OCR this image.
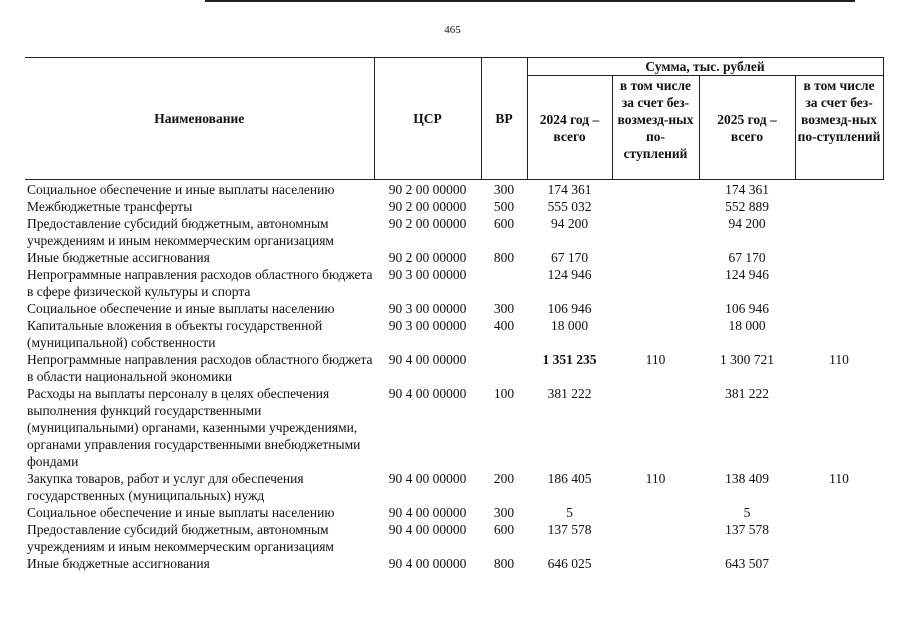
465
Наименование	ЦСР	ВР	Сумма, тыс. рублей			
			2024 год – всего	в том числе за счет без-возмезд-ных по-ступлений	2025 год – всего	в том числе за счет без-возмезд-ных по-ступлений
Социальное обеспечение и иные выплаты населению	90 2 00 00000	300	174 361		174 361	
Межбюджетные трансферты	90 2 00 00000	500	555 032		552 889	
Предоставление субсидий бюджетным, автономным учреждениям и иным некоммерческим организациям	90 2 00 00000	600	94 200		94 200	
Иные бюджетные ассигнования	90 2 00 00000	800	67 170		67 170	
Непрограммные направления расходов областного бюджета в сфере физической культуры и спорта	90 3 00 00000		124 946		124 946	
Социальное обеспечение и иные выплаты населению	90 3 00 00000	300	106 946		106 946	
Капитальные вложения в объекты государственной (муниципальной) собственности	90 3 00 00000	400	18 000		18 000	
Непрограммные направления расходов областного бюджета в области национальной экономики	90 4 00 00000		1 351 235	110	1 300 721	110
Расходы на выплаты персоналу в целях обеспечения выполнения функций государственными (муниципальными) органами, казенными учреждениями, органами управления государственными внебюджетными фондами	90 4 00 00000	100	381 222		381 222	
Закупка товаров, работ и услуг для обеспечения государственных (муниципальных) нужд	90 4 00 00000	200	186 405	110	138 409	110
Социальное обеспечение и иные выплаты населению	90 4 00 00000	300	5		5	
Предоставление субсидий бюджетным, автономным учреждениям и иным некоммерческим организациям	90 4 00 00000	600	137 578		137 578	
Иные бюджетные ассигнования	90 4 00 00000	800	646 025		643 507	
